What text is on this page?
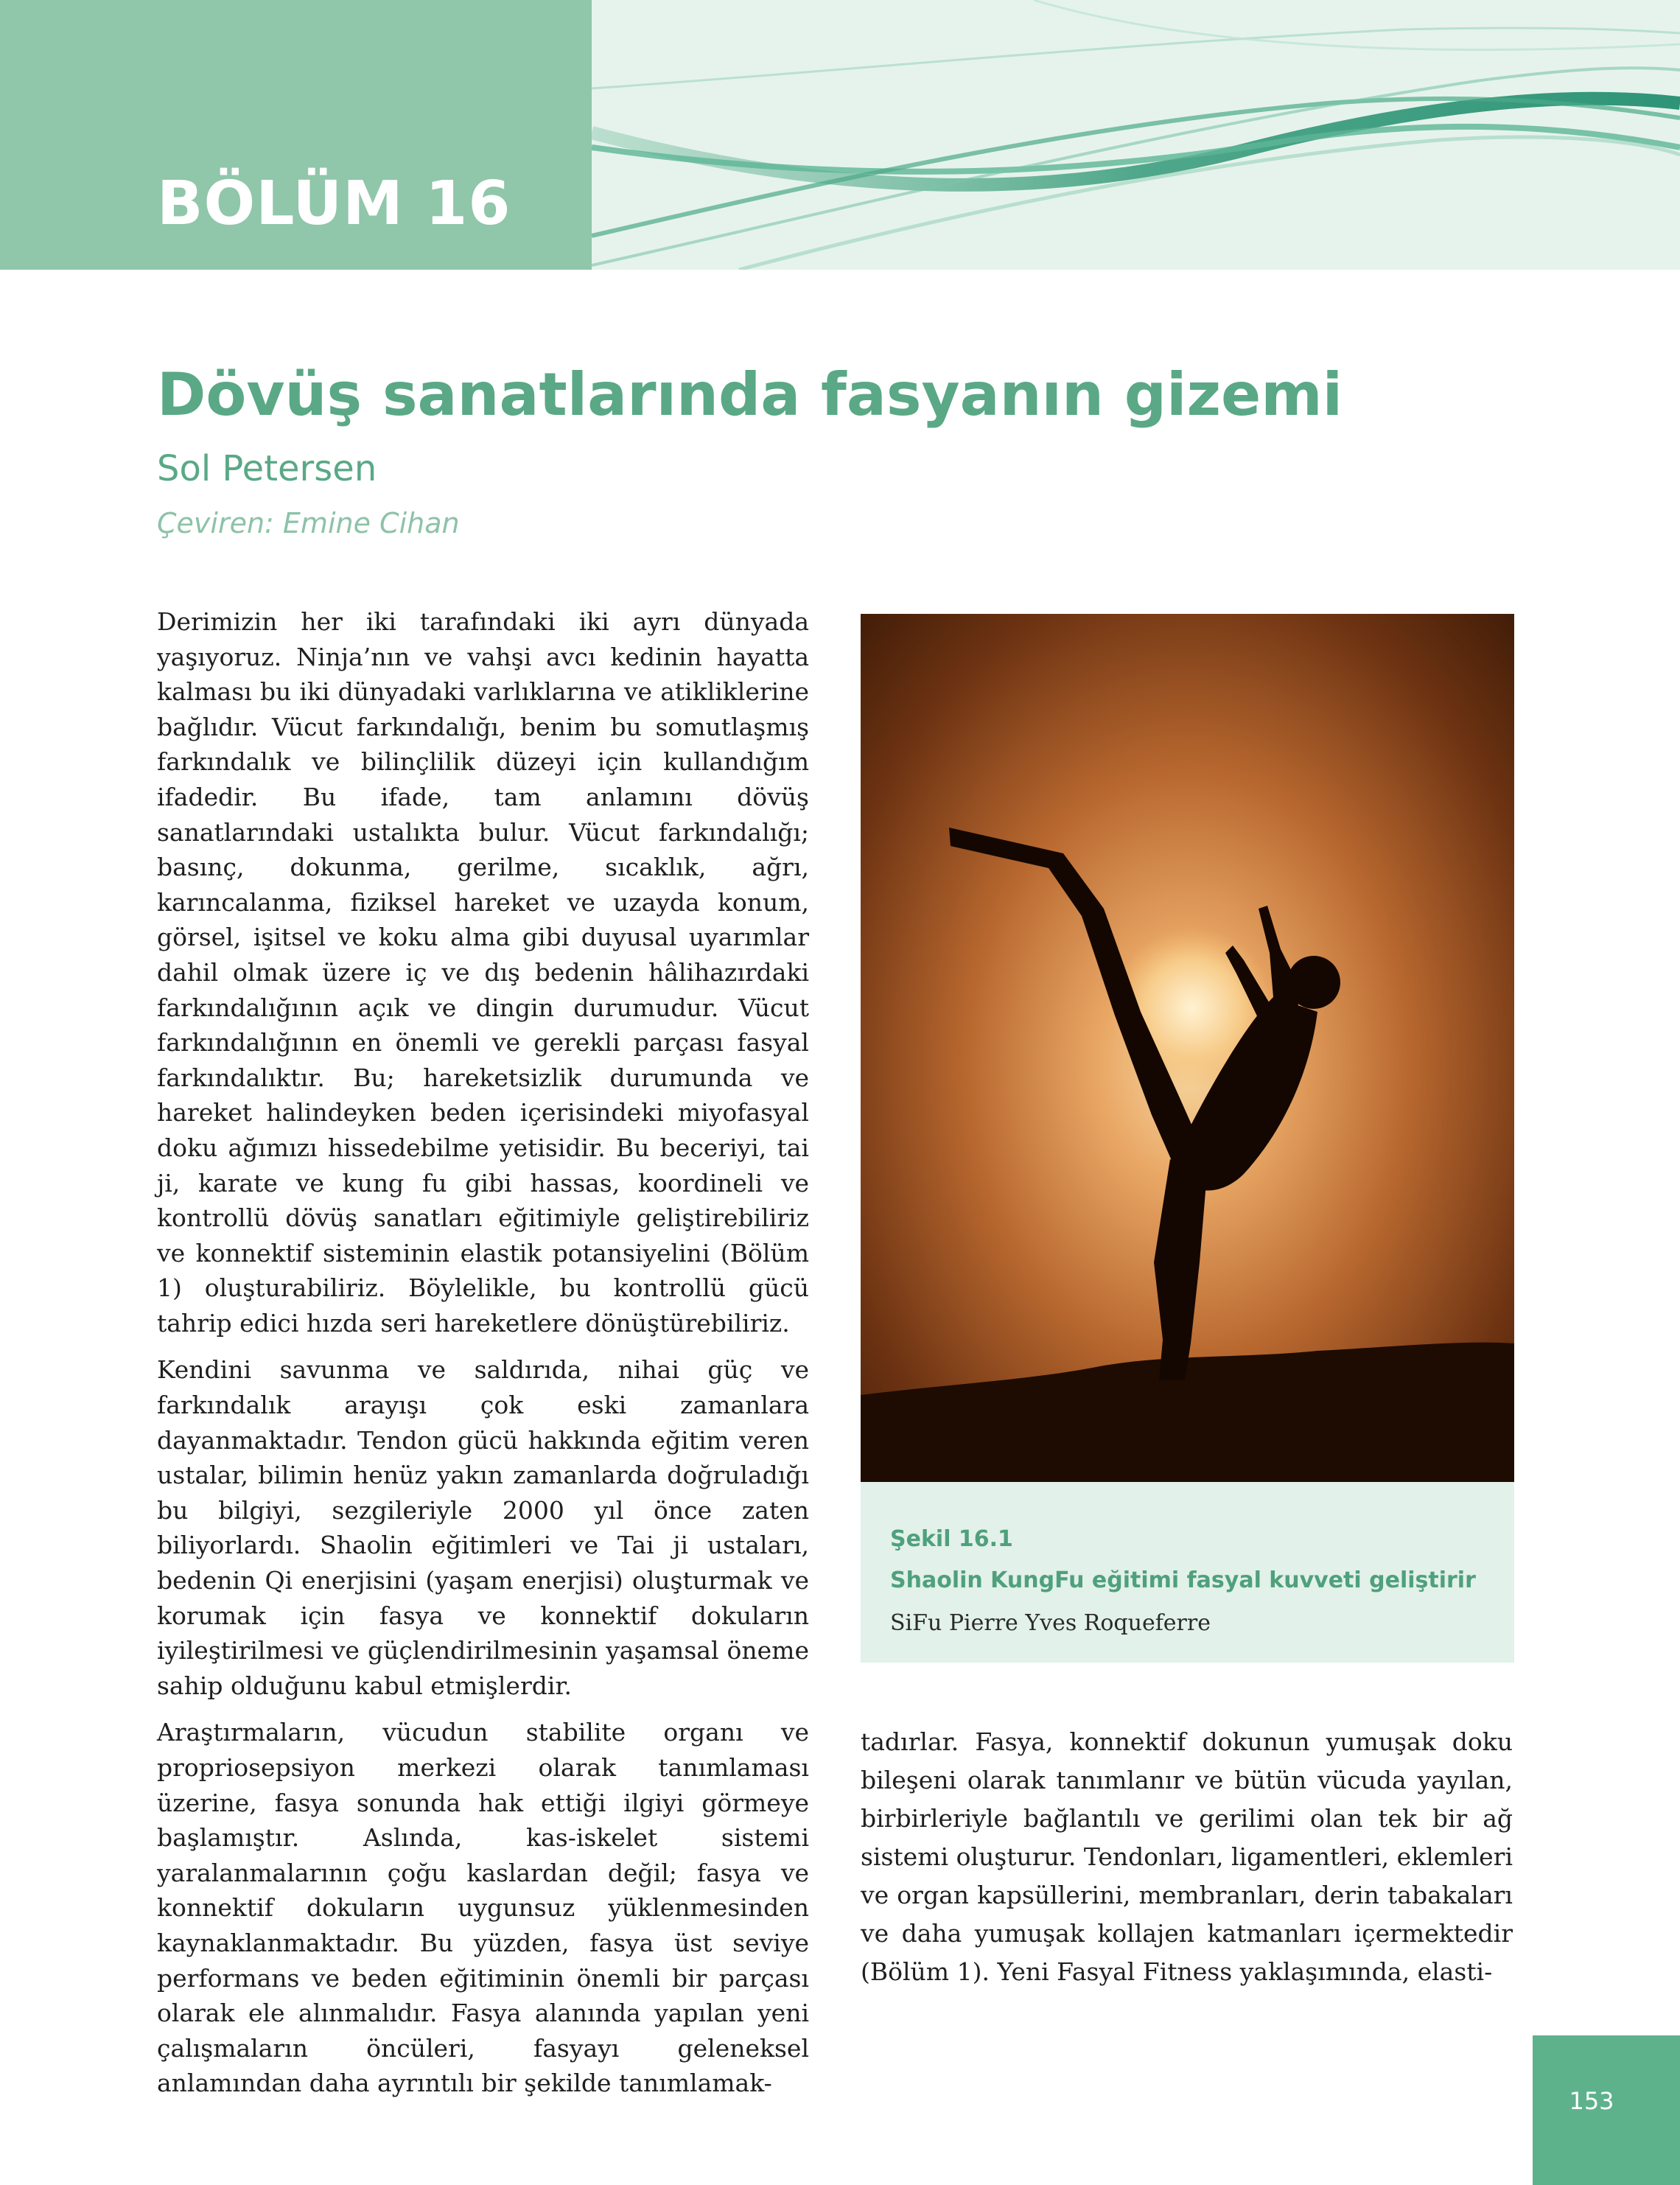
BÖLÜM 16
Dövüş sanatlarında fasyanın gizemi
Sol Petersen
Çeviren: Emine Cihan

Derimizin her iki tarafındaki iki ayrı dünyada yaşıyoruz. Ninja’nın ve vahşi avcı kedinin hayatta kalması bu iki dünyadaki varlıklarına ve atikliklerine bağlıdır. Vücut farkındalığı, benim bu somutlaşmış farkındalık ve bilinçlilik düzeyi için kullandığım ifadedir. Bu ifade, tam anlamını dövüş sanatlarındaki ustalıkta bulur. Vücut farkındalığı; basınç, dokunma, gerilme, sıcaklık, ağrı, karıncalanma, fiziksel hareket ve uzayda konum, görsel, işitsel ve koku alma gibi duyusal uyarımlar dahil olmak üzere iç ve dış bedenin hâlihazırdaki farkındalığının açık ve dingin durumudur. Vücut farkındalığının en önemli ve gerekli parçası fasyal farkındalıktır. Bu; hareketsizlik durumunda ve hareket halindeyken beden içerisindeki miyofasyal doku ağımızı hissedebilme yetisidir. Bu beceriyi, tai ji, karate ve kung fu gibi hassas, koordineli ve kontrollü dövüş sanatları eğitimiyle geliştirebiliriz ve konnektif sisteminin elastik potansiyelini (Bölüm 1) oluşturabiliriz. Böylelikle, bu kontrollü gücü tahrip edici hızda seri hareketlere dönüştürebiliriz.

Kendini savunma ve saldırıda, nihai güç ve farkındalık arayışı çok eski zamanlara dayanmaktadır. Tendon gücü hakkında eğitim veren ustalar, bilimin henüz yakın zamanlarda doğruladığı bu bilgiyi, sezgileriyle 2000 yıl önce zaten biliyorlardı. Shaolin eğitimleri ve Tai ji ustaları, bedenin Qi enerjisini (yaşam enerjisi) oluşturmak ve korumak için fasya ve konnektif dokuların iyileştirilmesi ve güçlendirilmesinin yaşamsal öneme sahip olduğunu kabul etmişlerdir.

Araştırmaların, vücudun stabilite organı ve propriosepsiyon merkezi olarak tanımlaması üzerine, fasya sonunda hak ettiği ilgiyi görmeye başlamıştır. Aslında, kas-iskelet sistemi yaralanmalarının çoğu kaslardan değil; fasya ve konnektif dokuların uygunsuz yüklenmesinden kaynaklanmaktadır. Bu yüzden, fasya üst seviye performans ve beden eğitiminin önemli bir parçası olarak ele alınmalıdır. Fasya alanında yapılan yeni çalışmaların öncüleri, fasyayı geleneksel anlamından daha ayrıntılı bir şekilde tanımlamak-

Şekil 16.1
Shaolin KungFu eğitimi fasyal kuvveti geliştirir
SiFu Pierre Yves Roqueferre

tadırlar. Fasya, konnektif dokunun yumuşak doku bileşeni olarak tanımlanır ve bütün vücuda yayılan, birbirleriyle bağlantılı ve gerilimi olan tek bir ağ sistemi oluşturur. Tendonları, ligamentleri, eklemleri ve organ kapsüllerini, membranları, derin tabakaları ve daha yumuşak kollajen katmanları içermektedir (Bölüm 1). Yeni Fasyal Fitness yaklaşımında, elasti-

153
